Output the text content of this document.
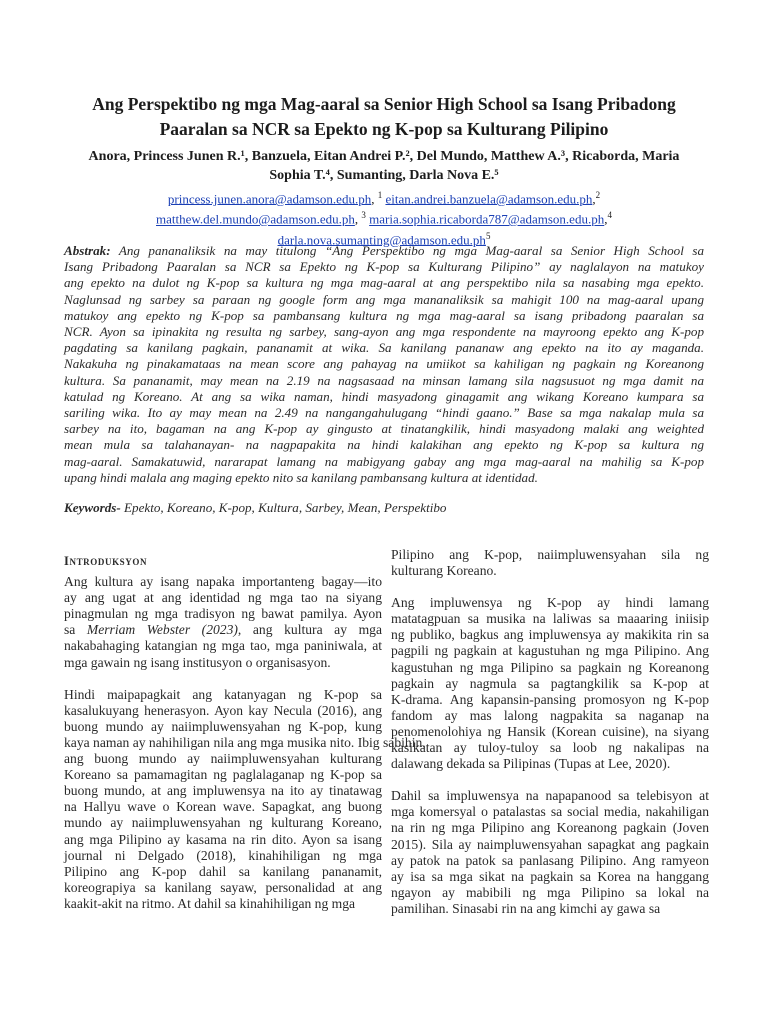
Ang Perspektibo ng mga Mag-aaral sa Senior High School sa Isang Pribadong
Paaralan sa NCR sa Epekto ng K-pop sa Kulturang Pilipino
Anora, Princess Junen R.¹, Banzuela, Eitan Andrei P.², Del Mundo, Matthew A.³, Ricaborda, Maria
Sophia T.⁴, Sumanting, Darla Nova E.⁵
princess.junen.anora@adamson.edu.ph, $^1$ eitan.andrei.banzuela@adamson.edu.ph,$^2$
matthew.del.mundo@adamson.edu.ph, $^3$ maria.sophia.ricaborda787@adamson.edu.ph,$^4$
$darla.nova.sumanting@adamson.edu.ph^5$
Abstrak: Ang pananaliksik na may titulong “Ang Perspektibo ng mga Mag-aaral sa Senior High School sa
Isang Pribadong Paaralan sa NCR sa Epekto ng K-pop sa Kulturang Pilipino” ay naglalayon na matukoy
ang epekto na dulot ng K-pop sa kultura ng mga mag-aaral at ang perspektibo nila sa nasabing mga epekto.
Naglunsad ng sarbey sa paraan ng google form ang mga mananaliksik sa mahigit 100 na mag-aaral upang
matukoy ang epekto ng K-pop sa pambansang kultura ng mga mag-aaral sa isang pribadong paaralan sa
NCR. Ayon sa ipinakita ng resulta ng sarbey, sang-ayon ang mga respondente na mayroong epekto ang K-pop
pagdating sa kanilang pagkain, pananamit at wika. Sa kanilang pananaw ang epekto na ito ay maganda.
Nakakuha ng pinakamataas na mean score ang pahayag na umiikot sa kahiligan ng pagkain ng Koreanong
kultura. Sa pananamit, may mean na 2.19 na nagsasaad na minsan lamang sila nagsusuot ng mga damit na
katulad ng Koreano. At ang sa wika naman, hindi masyadong ginagamit ang wikang Koreano kumpara sa
sariling wika. Ito ay may mean na 2.49 na nangangahulugang “hindi gaano.” Base sa mga nakalap mula sa
sarbey na ito, bagaman na ang K-pop ay gingusto at tinatangkilik, hindi masyadong malaki ang weighted
mean mula sa talahanayan- na nagpapakita na hindi kalakihan ang epekto ng K-pop sa kultura ng
mag-aaral. Samakatuwid, nararapat lamang na mabigyang gabay ang mga mag-aaral na mahilig sa K-pop
upang hindi malala ang maging epekto nito sa kanilang pambansang kultura at identidad.
Keywords- Epekto, Koreano, K-pop, Kultura, Sarbey, Mean, Perspektibo
Introduksyon
Ang kultura ay isang napaka importanteng bagay—ito
ay ang ugat at ang identidad ng mga tao na siyang
pinagmulan ng mga tradisyon ng bawat pamilya. Ayon
sa Merriam Webster (2023), ang kultura ay mga
nakabahaging katangian ng mga tao, mga paniniwala, at
mga gawain ng isang institusyon o organisasyon.
Hindi maipapagkait ang katanyagan ng K-pop sa
kasalukuyang henerasyon. Ayon kay Necula (2016), ang
buong mundo ay naiimpluwensyahan ng K-pop, kung
kaya naman ay nahihiligan nila ang mga musika nito. Ibig sabihin,
ang buong mundo ay naiimpluwensyahan kulturang
Koreano sa pamamagitan ng paglalaganap ng K-pop sa
buong mundo, at ang impluwensya na ito ay tinatawag
na Hallyu wave o Korean wave. Sapagkat, ang buong
mundo ay naiimpluwensyahan ng kulturang Koreano,
ang mga Pilipino ay kasama na rin dito. Ayon sa isang
journal ni Delgado (2018), kinahihiligan ng mga
Pilipino ang K-pop dahil sa kanilang pananamit,
koreograpiya sa kanilang sayaw, personalidad at ang
kaakit-akit na ritmo. At dahil sa kinahihiligan ng mga
Pilipino ang K-pop, naiimpluwensyahan sila ng
kulturang Koreano.
Ang impluwensya ng K-pop ay hindi lamang
matatagpuan sa musika na laliwas sa maaaring iniisip
ng publiko, bagkus ang impluwensya ay makikita rin sa
pagpili ng pagkain at kagustuhan ng mga Pilipino. Ang
kagustuhan ng mga Pilipino sa pagkain ng Koreanong
pagkain ay nagmula sa pagtangkilik sa K-pop at
K-drama. Ang kapansin-pansing promosyon ng K-pop
fandom ay mas lalong nagpakita sa naganap na
penomenolohiya ng Hansik (Korean cuisine), na siyang
kasikatan ay tuloy-tuloy sa loob ng nakalipas na
dalawang dekada sa Pilipinas (Tupas at Lee, 2020).
Dahil sa impluwensya na napapanood sa telebisyon at
mga komersyal o patalastas sa social media, nakahiligan
na rin ng mga Pilipino ang Koreanong pagkain (Joven
2015). Sila ay naimpluwensyahan sapagkat ang pagkain
ay patok na patok sa panlasang Pilipino. Ang ramyeon
ay isa sa mga sikat na pagkain sa Korea na hanggang
ngayon ay mabibili ng mga Pilipino sa lokal na
pamilihan. Sinasabi rin na ang kimchi ay gawa sa
